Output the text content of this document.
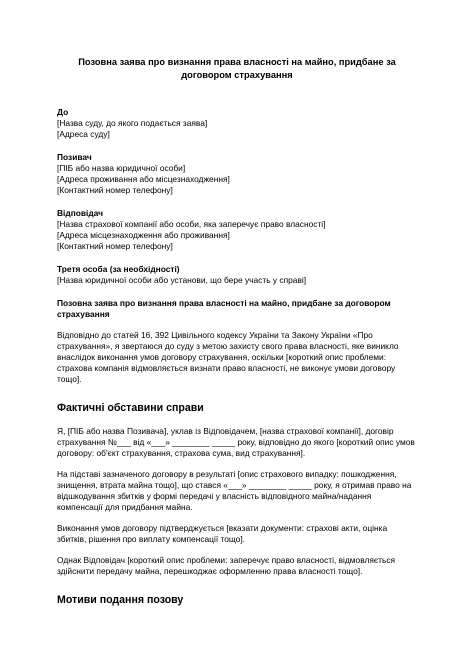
Позовна заява про визнання права власності на майно, придбане за договором страхування
До
[Назва суду, до якого подається заява]
[Адреса суду]
Позивач
[ПІБ або назва юридичної особи]
[Адреса проживання або місцезнаходження]
[Контактний номер телефону]
Відповідач
[Назва страхової компанії або особи, яка заперечує право власності]
[Адреса місцезнаходження або проживання]
[Контактний номер телефону]
Третя особа (за необхідності)
[Назва юридичної особи або установи, що бере участь у справі]
Позовна заява про визнання права власності на майно, придбане за договором страхування

Відповідно до статей 16, 392 Цивільного кодексу України та Закону України «Про страхування», я звертаюся до суду з метою захисту свого права власності, яке виникло внаслідок виконання умов договору страхування, оскільки [короткий опис проблеми: страхова компанія відмовляється визнати право власності, не виконує умови договору тощо].

Фактичні обставини справи

Я, [ПІБ або назва Позивача], уклав із Відповідачем, [назва страхової компанії], договір страхування №___ від «___» ________ _____ року, відповідно до якого [короткий опис умов договору: об'єкт страхування, страхова сума, вид страхування].

На підставі зазначеного договору в результаті [опис страхового випадку: пошкодження, знищення, втрата майна тощо], що стався «___» ________ _____ року, я отримав право на відшкодування збитків у формі передачі у власність відповідного майна/надання компенсації для придбання майна.

Виконання умов договору підтверджується [вказати документи: страхові акти, оцінка збитків, рішення про виплату компенсації тощо].

Однак Відповідач [короткий опис проблеми: заперечує право власності, відмовляється здійснити передачу майна, перешкоджає оформленню права власності тощо].

Мотиви подання позову
